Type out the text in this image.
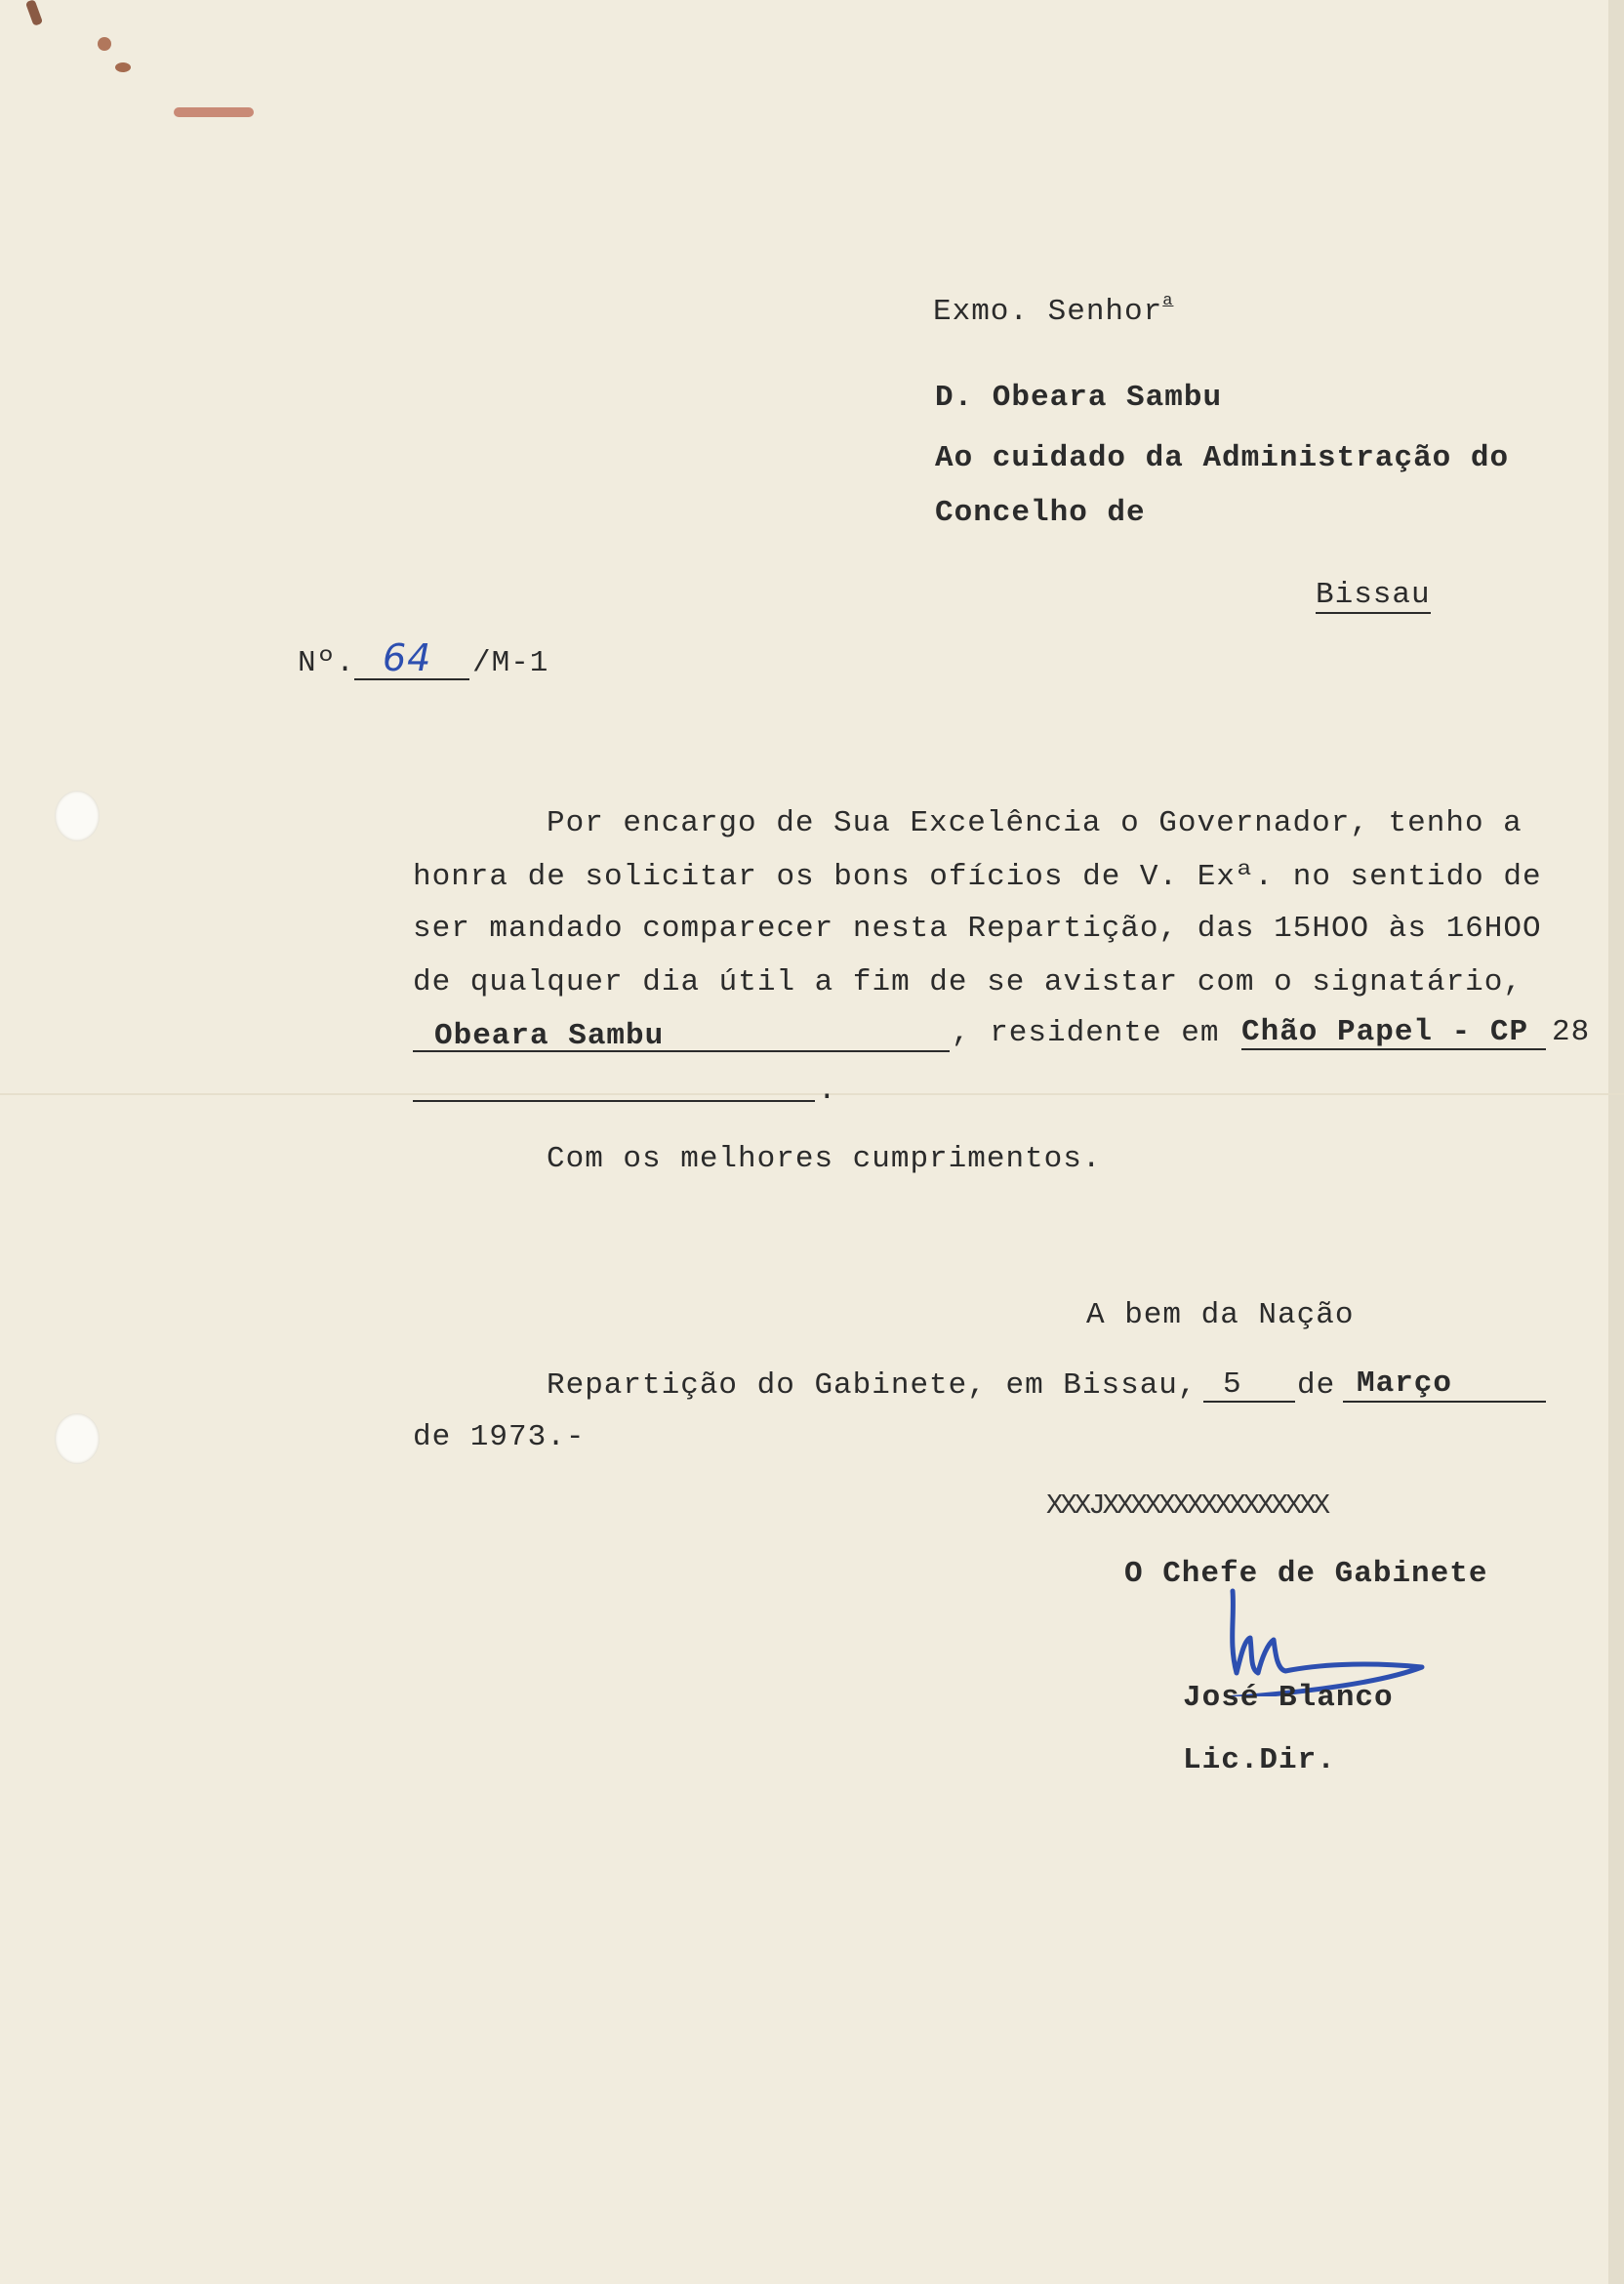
Exmo. Senhor$^a$
D. Obeara Sambu
Ao cuidado da Administração do
Concelho de
Bissau
Nº. 64 /M-1
Por encargo de Sua Excelência o Governador, tenho a
honra de solicitar os bons ofícios de V. Exª. no sentido de
ser mandado comparecer nesta Repartição, das 15HOO às 16HOO
de qualquer dia útil a fim de se avistar com o signatário,
Obeara Sambu	, residente em Chão Papel - CP 28
.
Com os melhores cumprimentos.
A bem da Nação
Repartição do Gabinete, em Bissau, 5 de Março
de 1973.-
XXXJXXXXXXXXXXXXXXXX
O Chefe de Gabinete
José Blanco
Lic.Dir.
